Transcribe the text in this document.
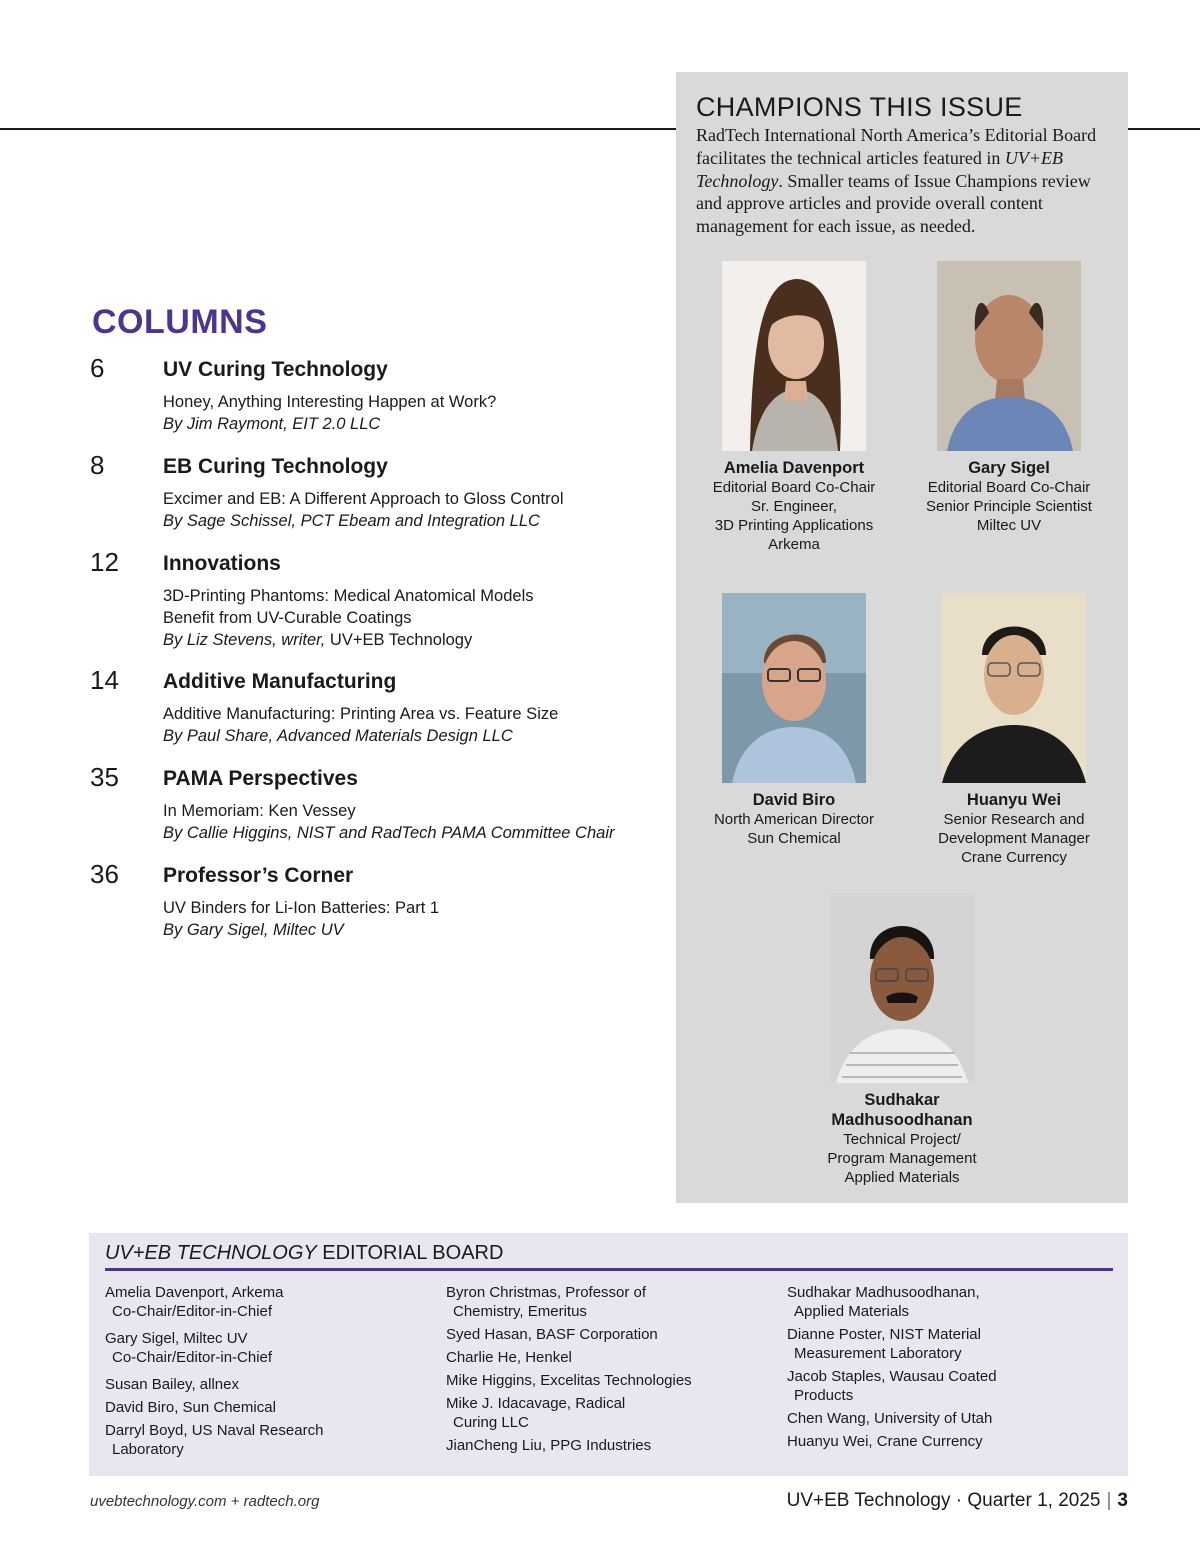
CHAMPIONS THIS ISSUE
RadTech International North America’s Editorial Board facilitates the technical articles featured in UV+EB Technology. Smaller teams of Issue Champions review and approve articles and provide overall content management for each issue, as needed.
Amelia Davenport
Editorial Board Co-Chair
Sr. Engineer,
3D Printing Applications
Arkema
Gary Sigel
Editorial Board Co-Chair
Senior Principle Scientist
Miltec UV
David Biro
North American Director
Sun Chemical
Huanyu Wei
Senior Research and
Development Manager
Crane Currency
Sudhakar
Madhusoodhanan
Technical Project/
Program Management
Applied Materials
COLUMNS
6	UV Curing Technology
Honey, Anything Interesting Happen at Work?
By Jim Raymont, EIT 2.0 LLC
8	EB Curing Technology
Excimer and EB: A Different Approach to Gloss Control
By Sage Schissel, PCT Ebeam and Integration LLC
12 Innovations
3D-Printing Phantoms: Medical Anatomical Models
Benefit from UV-Curable Coatings
By Liz Stevens, writer, UV+EB Technology
14 Additive Manufacturing
Additive Manufacturing: Printing Area vs. Feature Size
By Paul Share, Advanced Materials Design LLC
35 PAMA Perspectives
In Memoriam: Ken Vessey
By Callie Higgins, NIST and RadTech PAMA Committee Chair
36 Professor’s Corner
UV Binders for Li-Ion Batteries: Part 1
By Gary Sigel, Miltec UV
UV+EB TECHNOLOGY EDITORIAL BOARD
Amelia Davenport, Arkema
Co-Chair/Editor-in-Chief
Gary Sigel, Miltec UV
Co-Chair/Editor-in-Chief
Susan Bailey, allnex
David Biro, Sun Chemical
Darryl Boyd, US Naval Research
Laboratory
Byron Christmas, Professor of
Chemistry, Emeritus
Syed Hasan, BASF Corporation
Charlie He, Henkel
Mike Higgins, Excelitas Technologies
Mike J. Idacavage, Radical
Curing LLC
JianCheng Liu, PPG Industries
Sudhakar Madhusoodhanan,
Applied Materials
Dianne Poster, NIST Material
Measurement Laboratory
Jacob Staples, Wausau Coated
Products
Chen Wang, University of Utah
Huanyu Wei, Crane Currency
uvebtechnology.com + radtech.org	UV+EB Technology · Quarter 1, 2025 | 3
